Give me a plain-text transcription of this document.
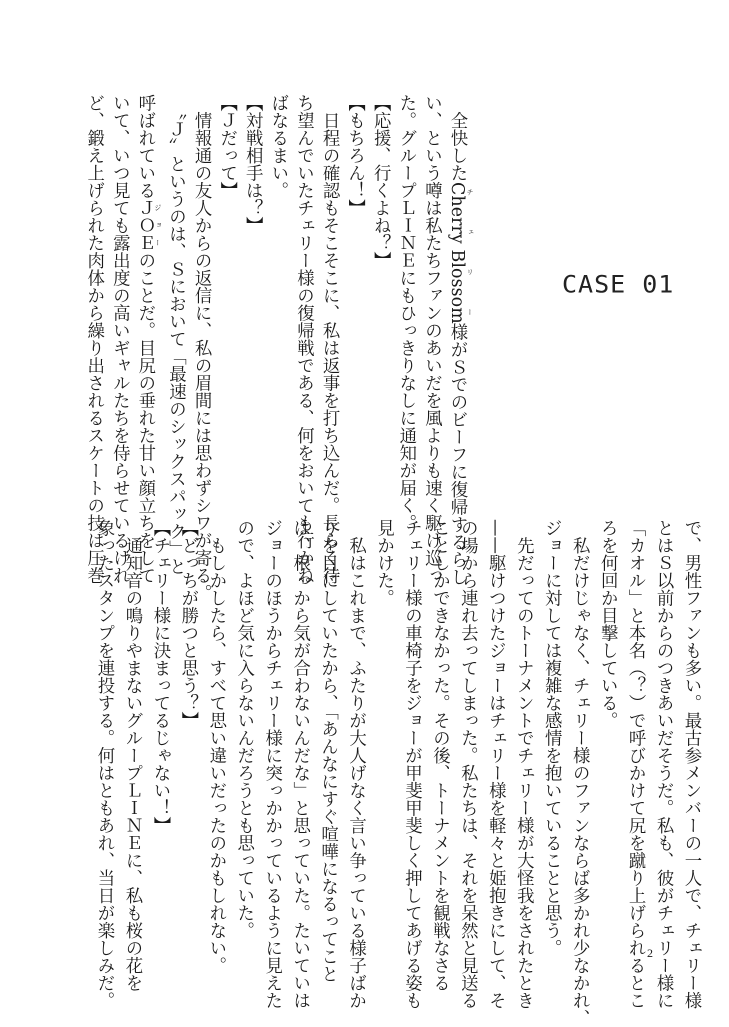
CASE 01
　全快したCherry Blossom チェリー様がＳでのビーフに復帰するらし
い、という噂は私たちファンのあいだを風よりも速く駆け巡っ
た。グループＬＩＮＥにもひっきりなしに通知が届く。
【応援、行くよね？】
【もちろん！】
　日程の確認もそこそこに、私は返事を打ち込んだ。長らく待
ち望んでいたチェリー様の復帰戦である、何をおいても行かね
ばなるまい。
【対戦相手は？】
【Ｊだって】
　情報通の友人からの返信に、私の眉間には思わずシワが寄る。
　〝Ｊ〟というのは、Ｓにおいて「最速のシックスパック」と
呼ばれているＪＯＥ ジョーのことだ。目尻の垂れた甘い顔立ちをして
いて、いつ見ても露出度の高いギャルたちを侍らせているけれ
ど、鍛え上げられた肉体から繰り出されるスケートの技は圧巻
で、男性ファンも多い。最古参メンバーの一人で、チェリー様
とはＳ以前からのつきあいだそうだ。私も、彼がチェリー様に
「カオル」と本名（？）で呼びかけて尻を蹴り上げられるとこ
ろを何回か目撃している。
　私だけじゃなく、チェリー様のファンならば多かれ少なかれ、
ジョーに対しては複雑な感情を抱いていることと思う。
　先だってのトーナメントでチェリー様が大怪我をされたとき
——駆けつけたジョーはチェリー様を軽々と姫抱きにして、そ
の場から連れ去ってしまった。私たちは、それを呆然と見送る
ことしかできなかった。その後、トーナメントを観戦なさる
チェリー様の車椅子をジョーが甲斐甲斐しく押してあげる姿も
見かけた。
　私はこれまで、ふたりが大人げなく言い争っている様子ばか
りを目にしていたから、「あんなにすぐ喧嘩になるってこと
は、根っから気が合わないんだな」と思っていた。たいていは
ジョーのほうからチェリー様に突っかかっているように見えた
ので、よほど気に入らないんだろうとも思っていた。
　もしかしたら、すべて思い違いだったのかもしれない。
【どっちが勝つと思う？】
【チェリー様に決まってるじゃない！】
　通知音の鳴りやまないグループＬＩＮＥに、私も桜の花を
象ったスタンプを連投する。何はともあれ、当日が楽しみだ。	2
